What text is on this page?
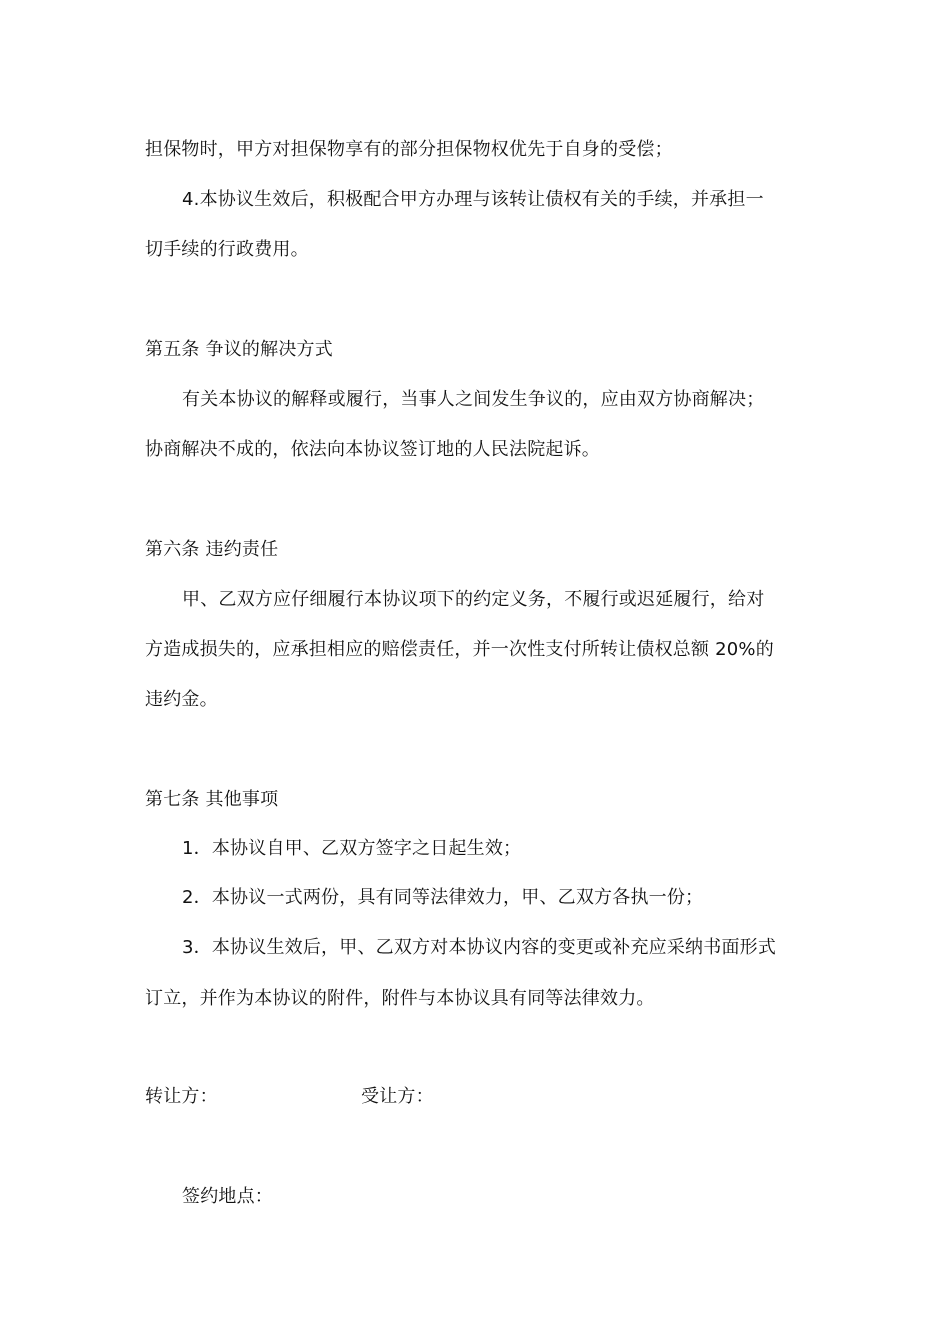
担保物时，甲方对担保物享有的部分担保物权优先于自身的受偿；
4.本协议生效后，积极配合甲方办理与该转让债权有关的手续，并承担一
切手续的行政费用。
第五条 争议的解决方式
有关本协议的解释或履行，当事人之间发生争议的，应由双方协商解决；
协商解决不成的，依法向本协议签订地的人民法院起诉。
第六条 违约责任
甲、乙双方应仔细履行本协议项下的约定义务，不履行或迟延履行，给对
方造成损失的，应承担相应的赔偿责任，并一次性支付所转让债权总额 20%的
违约金。
第七条 其他事项
1．本协议自甲、乙双方签字之日起生效；
2．本协议一式两份，具有同等法律效力，甲、乙双方各执一份；
3．本协议生效后，甲、乙双方对本协议内容的变更或补充应采纳书面形式
订立，并作为本协议的附件，附件与本协议具有同等法律效力。
转让方：	受让方：
签约地点：
